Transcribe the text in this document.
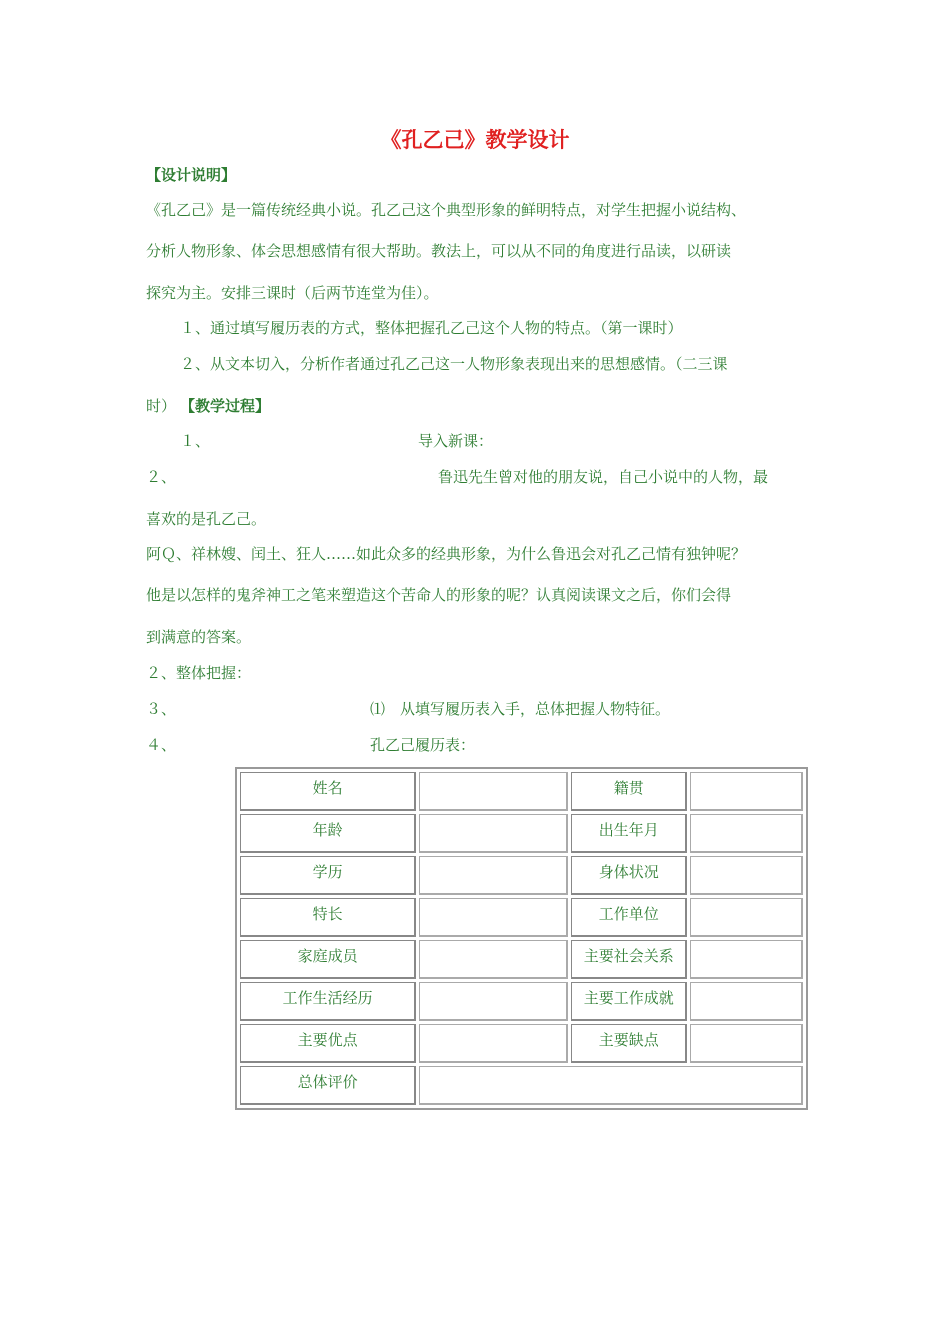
《孔乙己》教学设计
【设计说明】
《孔乙己》是一篇传统经典小说。孔乙己这个典型形象的鲜明特点，对学生把握小说结构、
分析人物形象、体会思想感情有很大帮助。教法上，可以从不同的角度进行品读，以研读
探究为主。安排三课时（后两节连堂为佳）。
１、通过填写履历表的方式，整体把握孔乙己这个人物的特点。（第一课时）
２、从文本切入，分析作者通过孔乙己这一人物形象表现出来的思想感情。（二三课
时） 【教学过程】
１、	导入新课：
２、	鲁迅先生曾对他的朋友说，自己小说中的人物，最
喜欢的是孔乙己。
阿Ｑ、祥林嫂、闰土、狂人……如此众多的经典形象，为什么鲁迅会对孔乙己情有独钟呢？
他是以怎样的鬼斧神工之笔来塑造这个苦命人的形象的呢？认真阅读课文之后，你们会得
到满意的答案。
２、整体把握：
３、	⑴　从填写履历表入手，总体把握人物特征。
４、	孔乙己履历表：
姓名		籍贯	
年龄		出生年月	
学历		身体状况	
特长		工作单位	
家庭成员		主要社会关系	
工作生活经历		主要工作成就	
主要优点		主要缺点	
总体评价			
